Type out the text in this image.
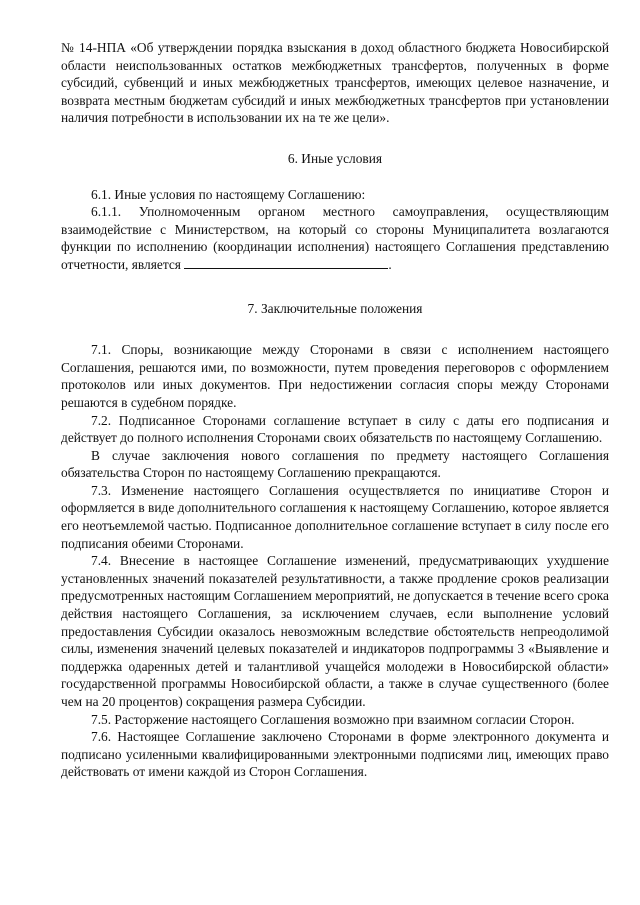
№ 14-НПА «Об утверждении порядка взыскания в доход областного бюджета Новосибирской области неиспользованных остатков межбюджетных трансфертов, полученных в форме субсидий, субвенций и иных межбюджетных трансфертов, имеющих целевое назначение, и возврата местным бюджетам субсидий и иных межбюджетных трансфертов при установлении наличия потребности в использовании их на те же цели».

6. Иные условия

6.1. Иные условия по настоящему Соглашению:

6.1.1. Уполномоченным органом местного самоуправления, осуществляющим взаимодействие с Министерством, на который со стороны Муниципалитета возлагаются функции по исполнению (координации исполнения) настоящего Соглашения представлению отчетности, является	.

7. Заключительные положения

7.1. Споры, возникающие между Сторонами в связи с исполнением настоящего Соглашения, решаются ими, по возможности, путем проведения переговоров с оформлением протоколов или иных документов. При недостижении согласия споры между Сторонами решаются в судебном порядке.

7.2. Подписанное Сторонами соглашение вступает в силу с даты его подписания и действует до полного исполнения Сторонами своих обязательств по настоящему Соглашению.

В случае заключения нового соглашения по предмету настоящего Соглашения обязательства Сторон по настоящему Соглашению прекращаются.

7.3. Изменение настоящего Соглашения осуществляется по инициативе Сторон и оформляется в виде дополнительного соглашения к настоящему Соглашению, которое является его неотъемлемой частью. Подписанное дополнительное соглашение вступает в силу после его подписания обеими Сторонами.

7.4. Внесение в настоящее Соглашение изменений, предусматривающих ухудшение установленных значений показателей результативности, а также продление сроков реализации предусмотренных настоящим Соглашением мероприятий, не допускается в течение всего срока действия настоящего Соглашения, за исключением случаев, если выполнение условий предоставления Субсидии оказалось невозможным вследствие обстоятельств непреодолимой силы, изменения значений целевых показателей и индикаторов подпрограммы 3 «Выявление и поддержка одаренных детей и талантливой учащейся молодежи в Новосибирской области» государственной программы Новосибирской области, а также в случае существенного (более чем на 20 процентов) сокращения размера Субсидии.

7.5. Расторжение настоящего Соглашения возможно при взаимном согласии Сторон.

7.6. Настоящее Соглашение заключено Сторонами в форме электронного документа и подписано усиленными квалифицированными электронными подписями лиц, имеющих право действовать от имени каждой из Сторон Соглашения.
